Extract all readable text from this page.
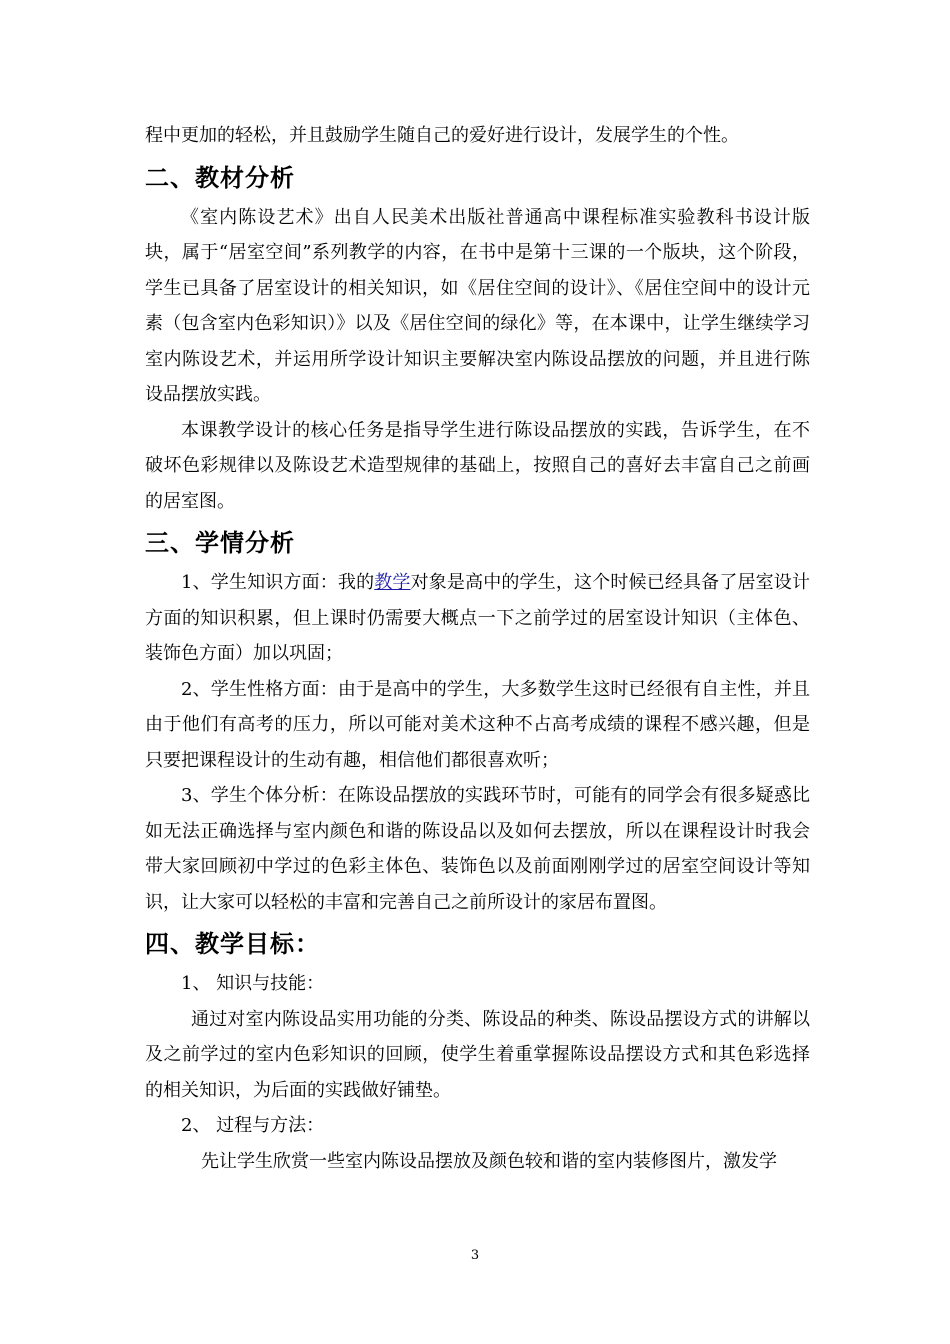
程中更加的轻松，并且鼓励学生随自己的爱好进行设计，发展学生的个性。

二、教材分析

《室内陈设艺术》出自人民美术出版社普通高中课程标准实验教科书设计版块，属于“居室空间”系列教学的内容，在书中是第十三课的一个版块，这个阶段，学生已具备了居室设计的相关知识，如《居住空间的设计》、《居住空间中的设计元素（包含室内色彩知识）》以及《居住空间的绿化》等，在本课中，让学生继续学习室内陈设艺术，并运用所学设计知识主要解决室内陈设品摆放的问题，并且进行陈设品摆放实践。

本课教学设计的核心任务是指导学生进行陈设品摆放的实践，告诉学生，在不破坏色彩规律以及陈设艺术造型规律的基础上，按照自己的喜好去丰富自己之前画的居室图。

三、学情分析

1、学生知识方面：我的教学对象是高中的学生，这个时候已经具备了居室设计方面的知识积累，但上课时仍需要大概点一下之前学过的居室设计知识（主体色、装饰色方面）加以巩固；

2、学生性格方面：由于是高中的学生，大多数学生这时已经很有自主性，并且由于他们有高考的压力，所以可能对美术这种不占高考成绩的课程不感兴趣，但是只要把课程设计的生动有趣，相信他们都很喜欢听；

3、学生个体分析：在陈设品摆放的实践环节时，可能有的同学会有很多疑惑比如无法正确选择与室内颜色和谐的陈设品以及如何去摆放，所以在课程设计时我会带大家回顾初中学过的色彩主体色、装饰色以及前面刚刚学过的居室空间设计等知识，让大家可以轻松的丰富和完善自己之前所设计的家居布置图。

四、教学目标：

1、 知识与技能：

通过对室内陈设品实用功能的分类、陈设品的种类、陈设品摆设方式的讲解以及之前学过的室内色彩知识的回顾，使学生着重掌握陈设品摆设方式和其色彩选择的相关知识，为后面的实践做好铺垫。

2、 过程与方法：

先让学生欣赏一些室内陈设品摆放及颜色较和谐的室内装修图片，激发学

3
